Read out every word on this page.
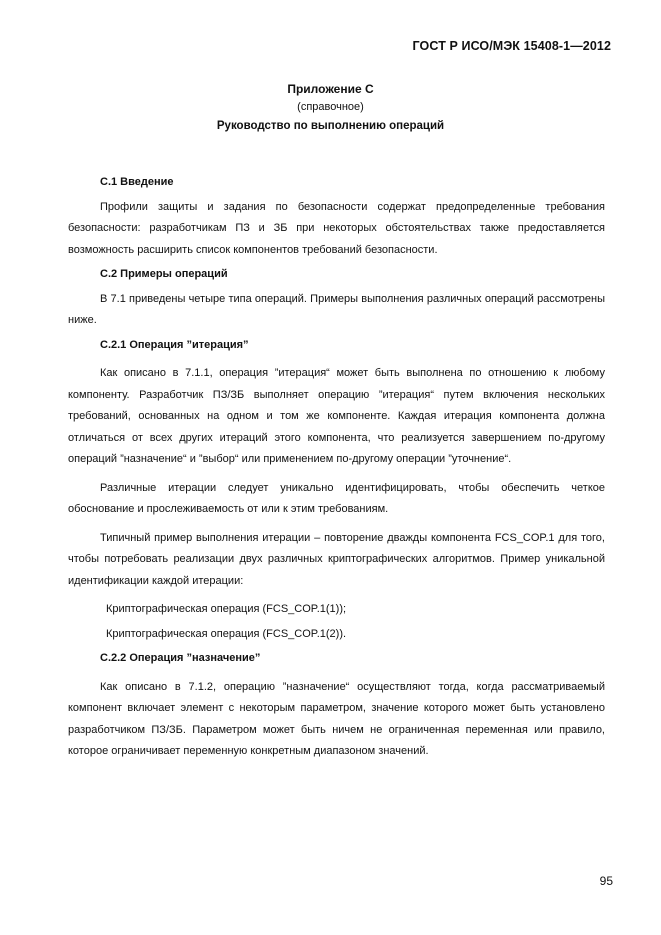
ГОСТ Р ИСО/МЭК 15408-1—2012
Приложение С
(справочное)
Руководство по выполнению операций
С.1 Введение

Профили защиты и задания по безопасности содержат предопределенные требования безопасности: разработчикам ПЗ и ЗБ при некоторых обстоятельствах также предоставляется возможность расширить список компонентов требований безопасности.

С.2 Примеры операций

В 7.1 приведены четыре типа операций. Примеры выполнения различных операций рассмотрены ниже.

С.2.1 Операция ”итерация”

Как описано в 7.1.1, операция ”итерация“ может быть выполнена по отношению к любому компоненту. Разработчик ПЗ/ЗБ выполняет операцию ”итерация“ путем включения нескольких требований, основанных на одном и том же компоненте. Каждая итерация компонента должна отличаться от всех других итераций этого компонента, что реализуется завершением по-другому операций ”назначение“ и ”выбор“ или применением по-другому операции ”уточнение“.

Различные итерации следует уникально идентифицировать, чтобы обеспечить четкое обоснование и прослеживаемость от или к этим требованиям.

Типичный пример выполнения итерации – повторение дважды компонента FCS_COP.1 для того, чтобы потребовать реализации двух различных криптографических алгоритмов. Пример уникальной идентификации каждой итерации:

Криптографическая операция (FCS_COP.1(1));

Криптографическая операция (FCS_COP.1(2)).

С.2.2 Операция ”назначение”

Как описано в 7.1.2, операцию ”назначение“ осуществляют тогда, когда рассматриваемый компонент включает элемент с некоторым параметром, значение которого может быть установлено разработчиком ПЗ/ЗБ. Параметром может быть ничем не ограниченная переменная или правило, которое ограничивает переменную конкретным диапазоном значений.

95
